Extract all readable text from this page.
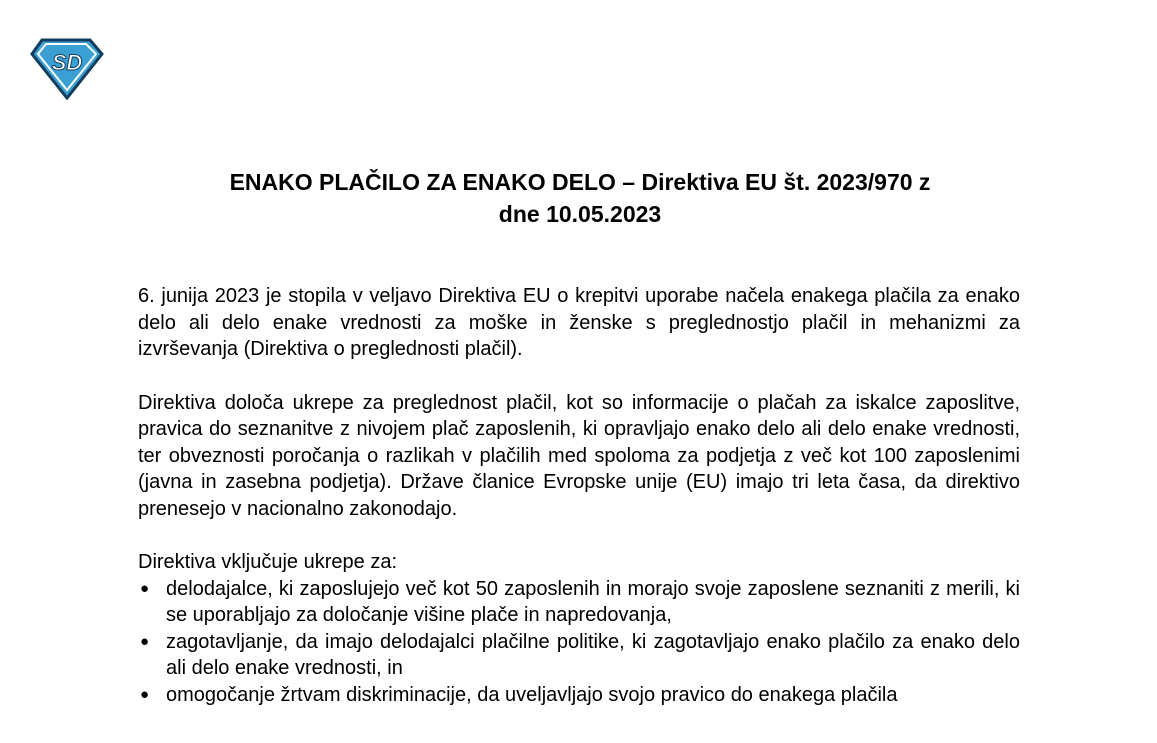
SD
ENAKO PLAČILO ZA ENAKO DELO – Direktiva EU št. 2023/970 z
dne 10.05.2023

6. junija 2023 je stopila v veljavo Direktiva EU o krepitvi uporabe načela enakega plačila za enako delo ali delo enake vrednosti za moške in ženske s preglednostjo plačil in mehanizmi za izvrševanja (Direktiva o preglednosti plačil).

Direktiva določa ukrepe za preglednost plačil, kot so informacije o plačah za iskalce zaposlitve, pravica do seznanitve z nivojem plač zaposlenih, ki opravljajo enako delo ali delo enake vrednosti, ter obveznosti poročanja o razlikah v plačilih med spoloma za podjetja z več kot 100 zaposlenimi (javna in zasebna podjetja). Države članice Evropske unije (EU) imajo tri leta časa, da direktivo prenesejo v nacionalno zakonodajo.

Direktiva vključuje ukrepe za:

● delodajalce, ki zaposlujejo več kot 50 zaposlenih in morajo svoje zaposlene seznaniti z merili, ki se uporabljajo za določanje višine plače in napredovanja,
● zagotavljanje, da imajo delodajalci plačilne politike, ki zagotavljajo enako plačilo za enako delo ali delo enake vrednosti, in
● omogočanje žrtvam diskriminacije, da uveljavljajo svojo pravico do enakega plačila
